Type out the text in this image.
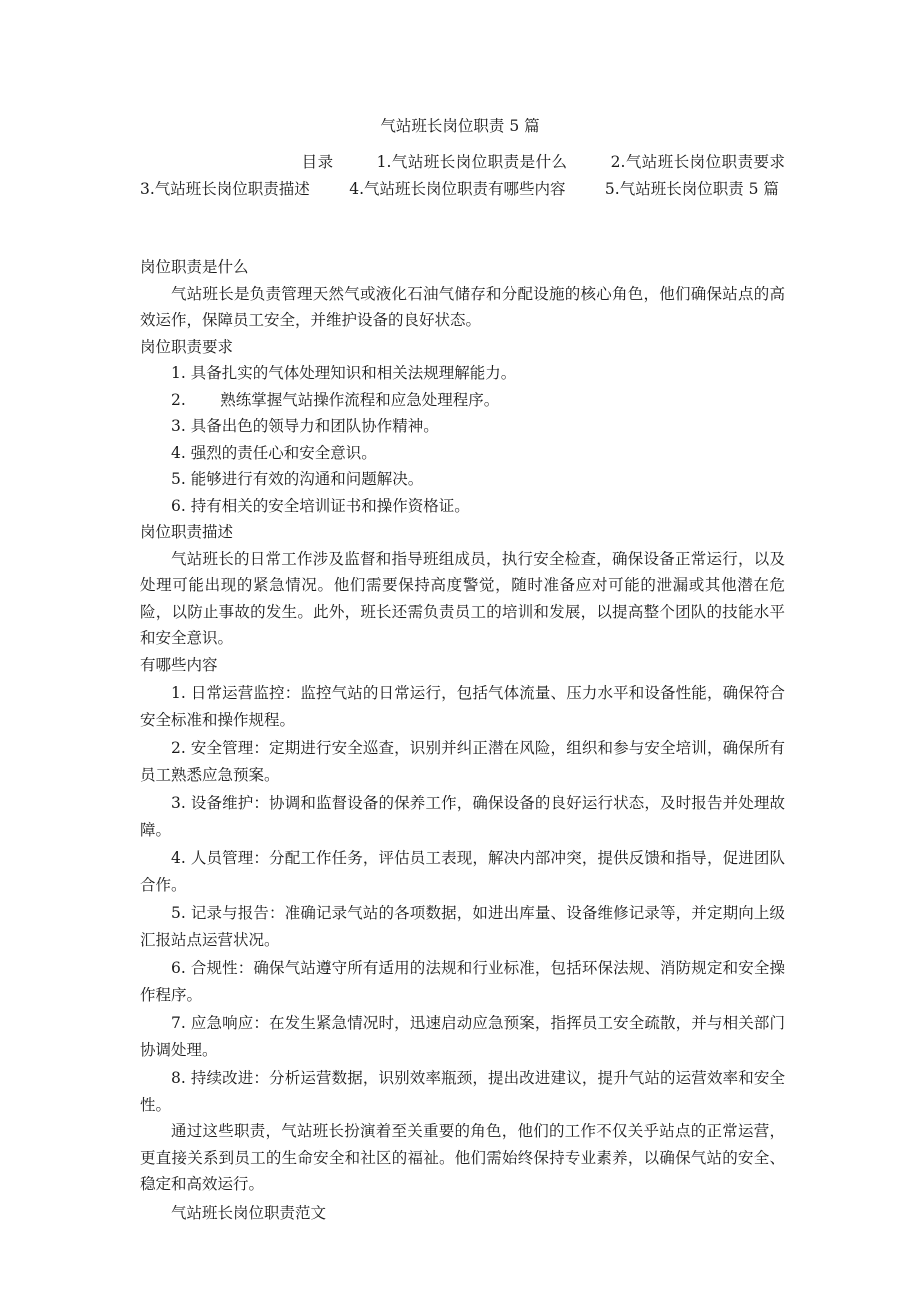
气站班长岗位职责 5 篇
目录        1.气站班长岗位职责是什么        2.气站班长岗位职责要求        3.气站班长岗位职责描述        4.气站班长岗位职责有哪些内容        5.气站班长岗位职责 5 篇
岗位职责是什么
气站班长是负责管理天然气或液化石油气储存和分配设施的核心角色，他们确保站点的高效运作，保障员工安全，并维护设备的良好状态。
岗位职责要求
1. 具备扎实的气体处理知识和相关法规理解能力。
2.       熟练掌握气站操作流程和应急处理程序。
3. 具备出色的领导力和团队协作精神。
4. 强烈的责任心和安全意识。
5. 能够进行有效的沟通和问题解决。
6. 持有相关的安全培训证书和操作资格证。
岗位职责描述
气站班长的日常工作涉及监督和指导班组成员，执行安全检查，确保设备正常运行，以及处理可能出现的紧急情况。他们需要保持高度警觉，随时准备应对可能的泄漏或其他潜在危险，以防止事故的发生。此外，班长还需负责员工的培训和发展，以提高整个团队的技能水平和安全意识。
有哪些内容
1. 日常运营监控：监控气站的日常运行，包括气体流量、压力水平和设备性能，确保符合安全标准和操作规程。
2. 安全管理：定期进行安全巡查，识别并纠正潜在风险，组织和参与安全培训，确保所有员工熟悉应急预案。
3. 设备维护：协调和监督设备的保养工作，确保设备的良好运行状态，及时报告并处理故障。
4. 人员管理：分配工作任务，评估员工表现，解决内部冲突，提供反馈和指导，促进团队合作。
5. 记录与报告：准确记录气站的各项数据，如进出库量、设备维修记录等，并定期向上级汇报站点运营状况。
6. 合规性：确保气站遵守所有适用的法规和行业标准，包括环保法规、消防规定和安全操作程序。
7. 应急响应：在发生紧急情况时，迅速启动应急预案，指挥员工安全疏散，并与相关部门协调处理。
8. 持续改进：分析运营数据，识别效率瓶颈，提出改进建议，提升气站的运营效率和安全性。
通过这些职责，气站班长扮演着至关重要的角色，他们的工作不仅关乎站点的正常运营，更直接关系到员工的生命安全和社区的福祉。他们需始终保持专业素养，以确保气站的安全、稳定和高效运行。
气站班长岗位职责范文
